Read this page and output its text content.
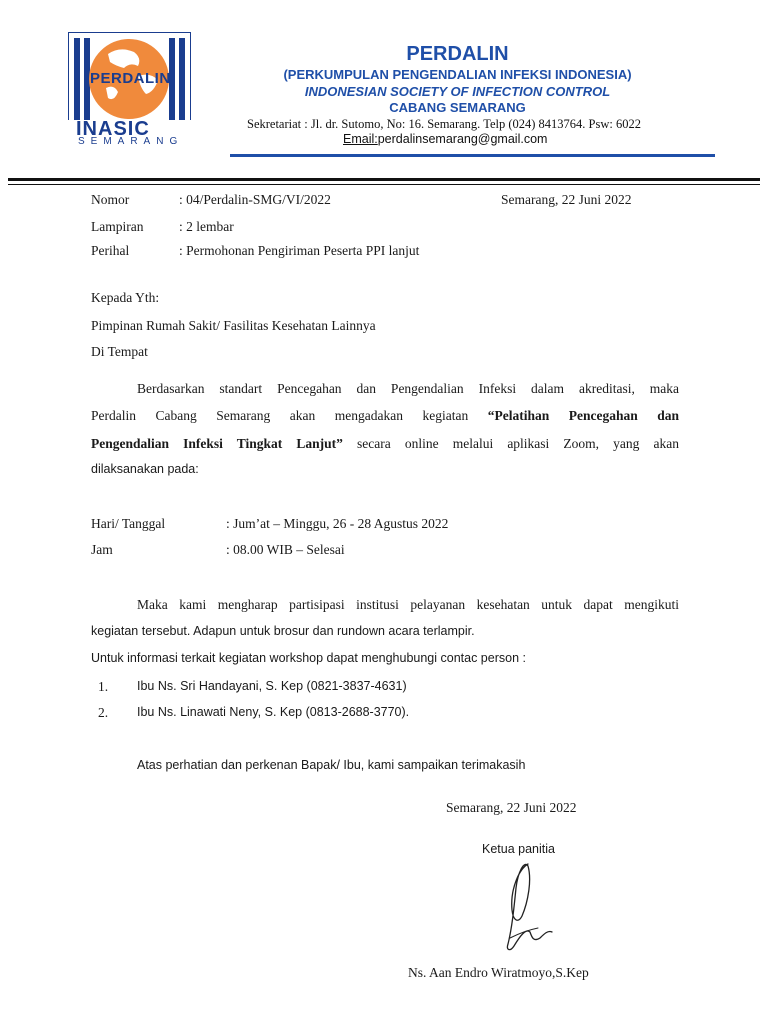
PERDALIN
INASIC
SEMARANG
PERDALIN
(PERKUMPULAN PENGENDALIAN INFEKSI INDONESIA)
INDONESIAN SOCIETY OF INFECTION CONTROL
CABANG SEMARANG
Sekretariat : Jl. dr. Sutomo, No: 16. Semarang. Telp (024) 8413764. Psw: 6022
Email:perdalinsemarang@gmail.com
Nomor	: 04/Perdalin-SMG/VI/2022	Semarang, 22 Juni 2022
Lampiran	: 2 lembar
Perihal	: Permohonan Pengiriman Peserta PPI lanjut
Kepada Yth:
Pimpinan Rumah Sakit/ Fasilitas Kesehatan Lainnya
Di Tempat
Berdasarkan standart Pencegahan dan Pengendalian Infeksi dalam akreditasi, maka
Perdalin Cabang Semarang akan mengadakan kegiatan “Pelatihan Pencegahan dan
Pengendalian Infeksi Tingkat Lanjut” secara online melalui aplikasi Zoom, yang akan
dilaksanakan pada:
Hari/ Tanggal	: Jum’at – Minggu, 26 - 28 Agustus 2022
Jam	: 08.00 WIB – Selesai
Maka kami mengharap partisipasi institusi pelayanan kesehatan untuk dapat mengikuti
kegiatan tersebut. Adapun untuk brosur dan rundown acara terlampir.
Untuk informasi terkait kegiatan workshop dapat menghubungi contac person :
1. Ibu Ns. Sri Handayani, S. Kep (0821-3837-4631)
2. Ibu Ns. Linawati Neny, S. Kep (0813-2688-3770).
Atas perhatian dan perkenan Bapak/ Ibu, kami sampaikan terimakasih
Semarang, 22 Juni 2022
Ketua panitia
Ns. Aan Endro Wiratmoyo,S.Kep
